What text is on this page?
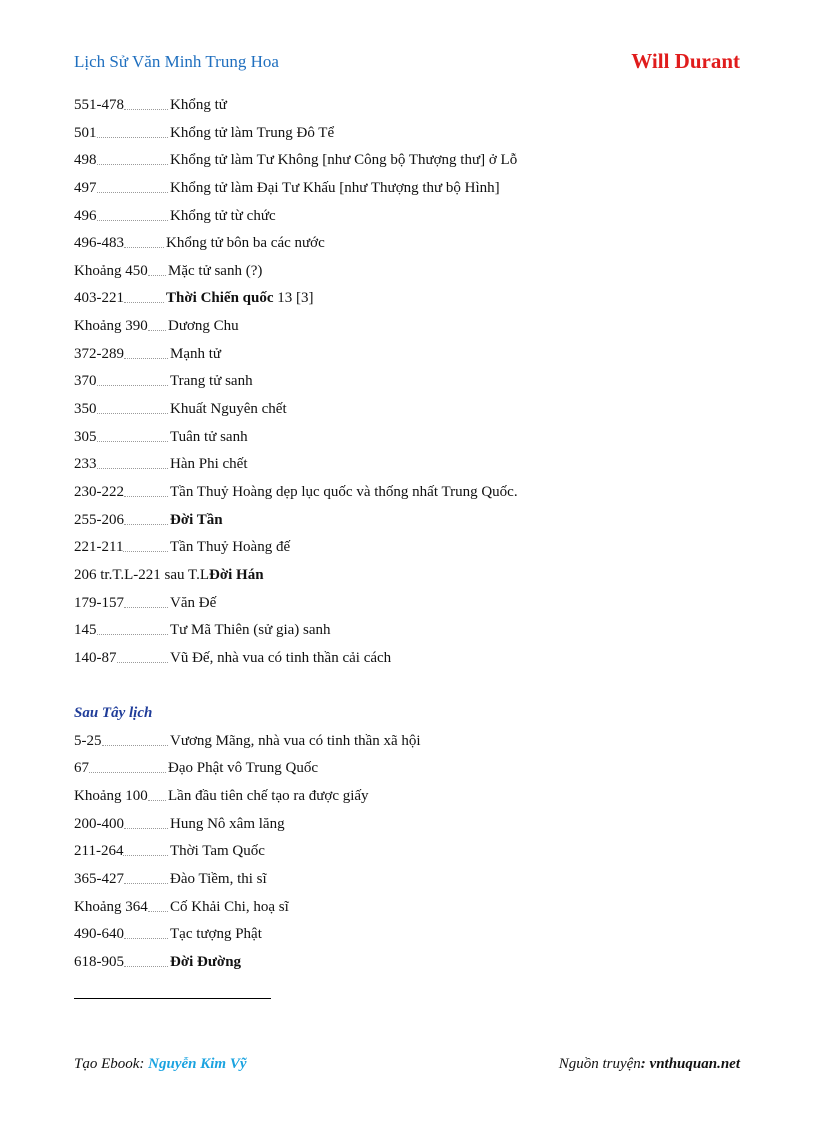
Lịch Sử Văn Minh Trung Hoa	Will Durant
551-478	Khổng tử
501	Khổng tử làm Trung Đô Tể
498	Khổng tử làm Tư Không [như Công bộ Thượng thư] ở Lỗ
497	Khổng tử làm Đại Tư Khấu [như Thượng thư bộ Hình]
496	Khổng tử từ chức
496-483	Khổng tử bôn ba các nước
Khoảng 450 Mặc tử sanh (?)
403-221	Thời Chiến quốc 13 [3]
Khoảng 390 Dương Chu
372-289	Mạnh tử
370	Trang tử sanh
350	Khuất Nguyên chết
305	Tuân tử sanh
233	Hàn Phi chết
230-222	Tần Thuỷ Hoàng dẹp lục quốc và thống nhất Trung Quốc.
255-206	Đời Tần
221-211	Tần Thuỷ Hoàng đế
206 tr.T.L-221 sau T.L Đời Hán
179-157	Văn Đế
145	Tư Mã Thiên (sử gia) sanh
140-87	Vũ Đế, nhà vua có tinh thần cải cách
Sau Tây lịch
5-25	Vương Mãng, nhà vua có tinh thần xã hội
67	Đạo Phật vô Trung Quốc
Khoảng 100 Lần đầu tiên chế tạo ra được giấy
200-400	Hung Nô xâm lăng
211-264	Thời Tam Quốc
365-427	Đào Tiềm, thi sĩ
Khoảng 364 Cố Khải Chi, hoạ sĩ
490-640	Tạc tượng Phật
618-905	Đời Đường
Tạo Ebook: Nguyễn Kim Vỹ	Nguồn truyện: vnthuquan.net
